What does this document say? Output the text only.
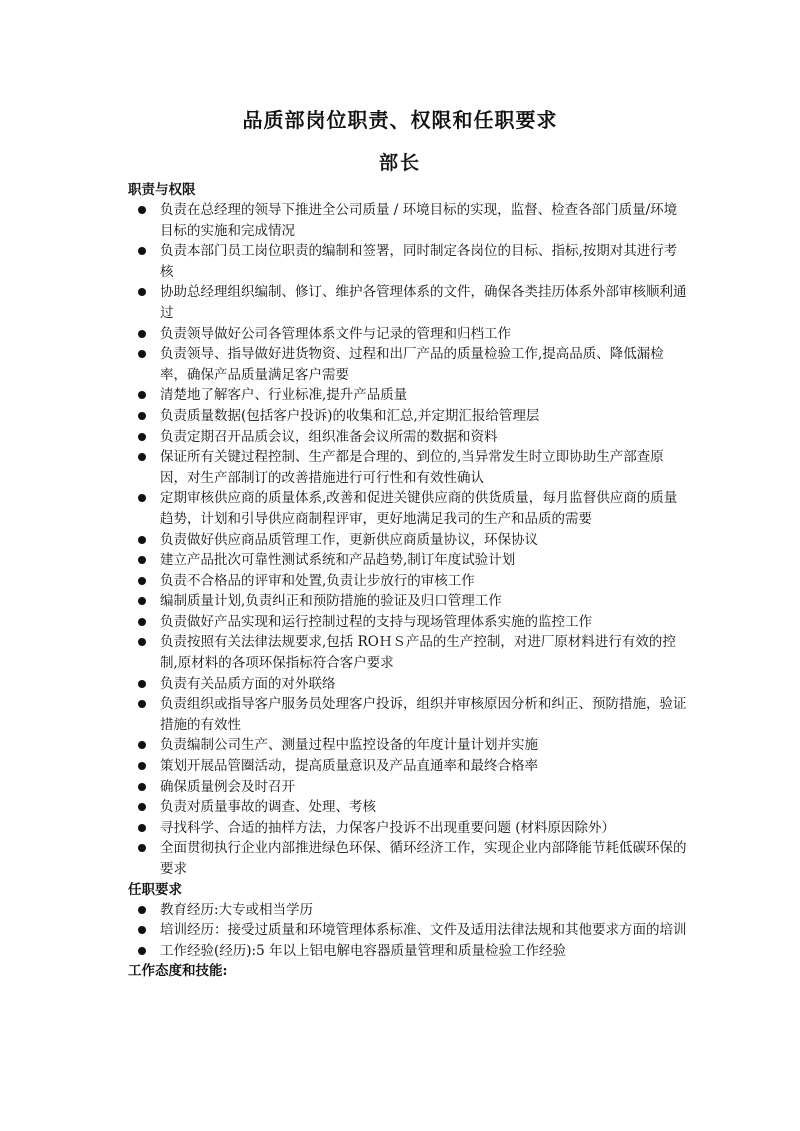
品质部岗位职责、权限和任职要求
部长

职责与权限

负责在总经理的领导下推进全公司质量 / 环境目标的实现，监督、检查各部门质量/环境目标的实施和完成情况
负责本部门员工岗位职责的编制和签署，同时制定各岗位的目标、指标,按期对其进行考核
协助总经理组织编制、修订、维护各管理体系的文件，确保各类挂历体系外部审核顺利通过
负责领导做好公司各管理体系文件与记录的管理和归档工作
负责领导、指导做好进货物资、过程和出厂产品的质量检验工作,提高品质、降低漏检率，确保产品质量满足客户需要
清楚地了解客户、行业标准,提升产品质量
负责质量数据(包括客户投诉)的收集和汇总,并定期汇报给管理层
负责定期召开品质会议，组织准备会议所需的数据和资料
保证所有关键过程控制、生产都是合理的、到位的,当异常发生时立即协助生产部查原因，对生产部制订的改善措施进行可行性和有效性确认
定期审核供应商的质量体系,改善和促进关键供应商的供货质量，每月监督供应商的质量趋势，计划和引导供应商制程评审，更好地满足我司的生产和品质的需要
负责做好供应商品质管理工作，更新供应商质量协议，环保协议
建立产品批次可靠性测试系统和产品趋势,制订年度试验计划
负责不合格品的评审和处置,负责让步放行的审核工作
编制质量计划,负责纠正和预防措施的验证及归口管理工作
负责做好产品实现和运行控制过程的支持与现场管理体系实施的监控工作
负责按照有关法律法规要求,包括 ROＨＳ产品的生产控制，对进厂原材料进行有效的控制,原材料的各项环保指标符合客户要求
负责有关品质方面的对外联络
负责组织或指导客户服务员处理客户投诉，组织并审核原因分析和纠正、预防措施，验证措施的有效性
负责编制公司生产、测量过程中监控设备的年度计量计划并实施
策划开展品管圈活动，提高质量意识及产品直通率和最终合格率
确保质量例会及时召开
负责对质量事故的调查、处理、考核
寻找科学、合适的抽样方法，力保客户投诉不出现重要问题 (材料原因除外）
全面贯彻执行企业内部推进绿色环保、循环经济工作，实现企业内部降能节耗低碳环保的要求

任职要求

教育经历:大专或相当学历
培训经历：接受过质量和环境管理体系标准、文件及适用法律法规和其他要求方面的培训
工作经验(经历):5 年以上铝电解电容器质量管理和质量检验工作经验

工作态度和技能:
